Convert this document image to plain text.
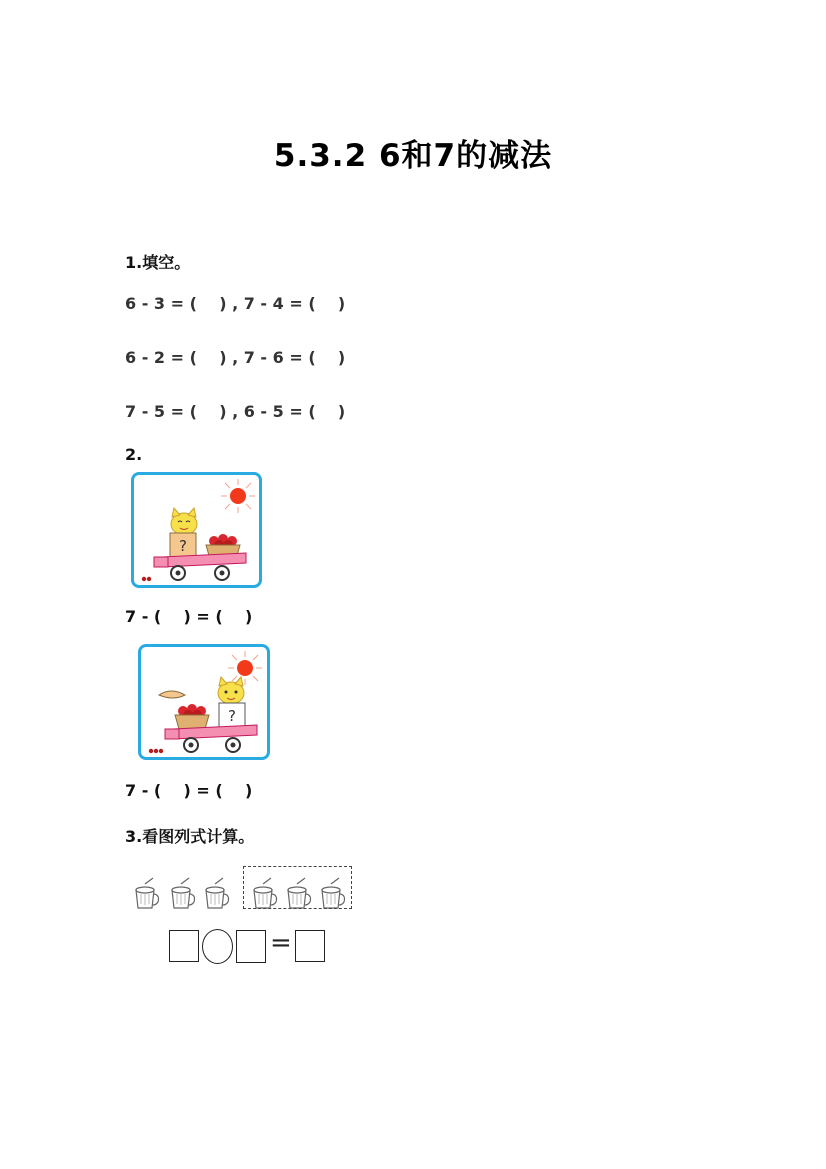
5.3.2 6和7的减法
1.填空。
6 - 3 = (    ) , 7 - 4 = (    )
6 - 2 = (    ) , 7 - 6 = (    )
7 - 5 = (    ) , 6 - 5 = (    )
2.
?
7 - (    ) = (    )
?
7 - (    ) = (    )
3.看图列式计算。
=
